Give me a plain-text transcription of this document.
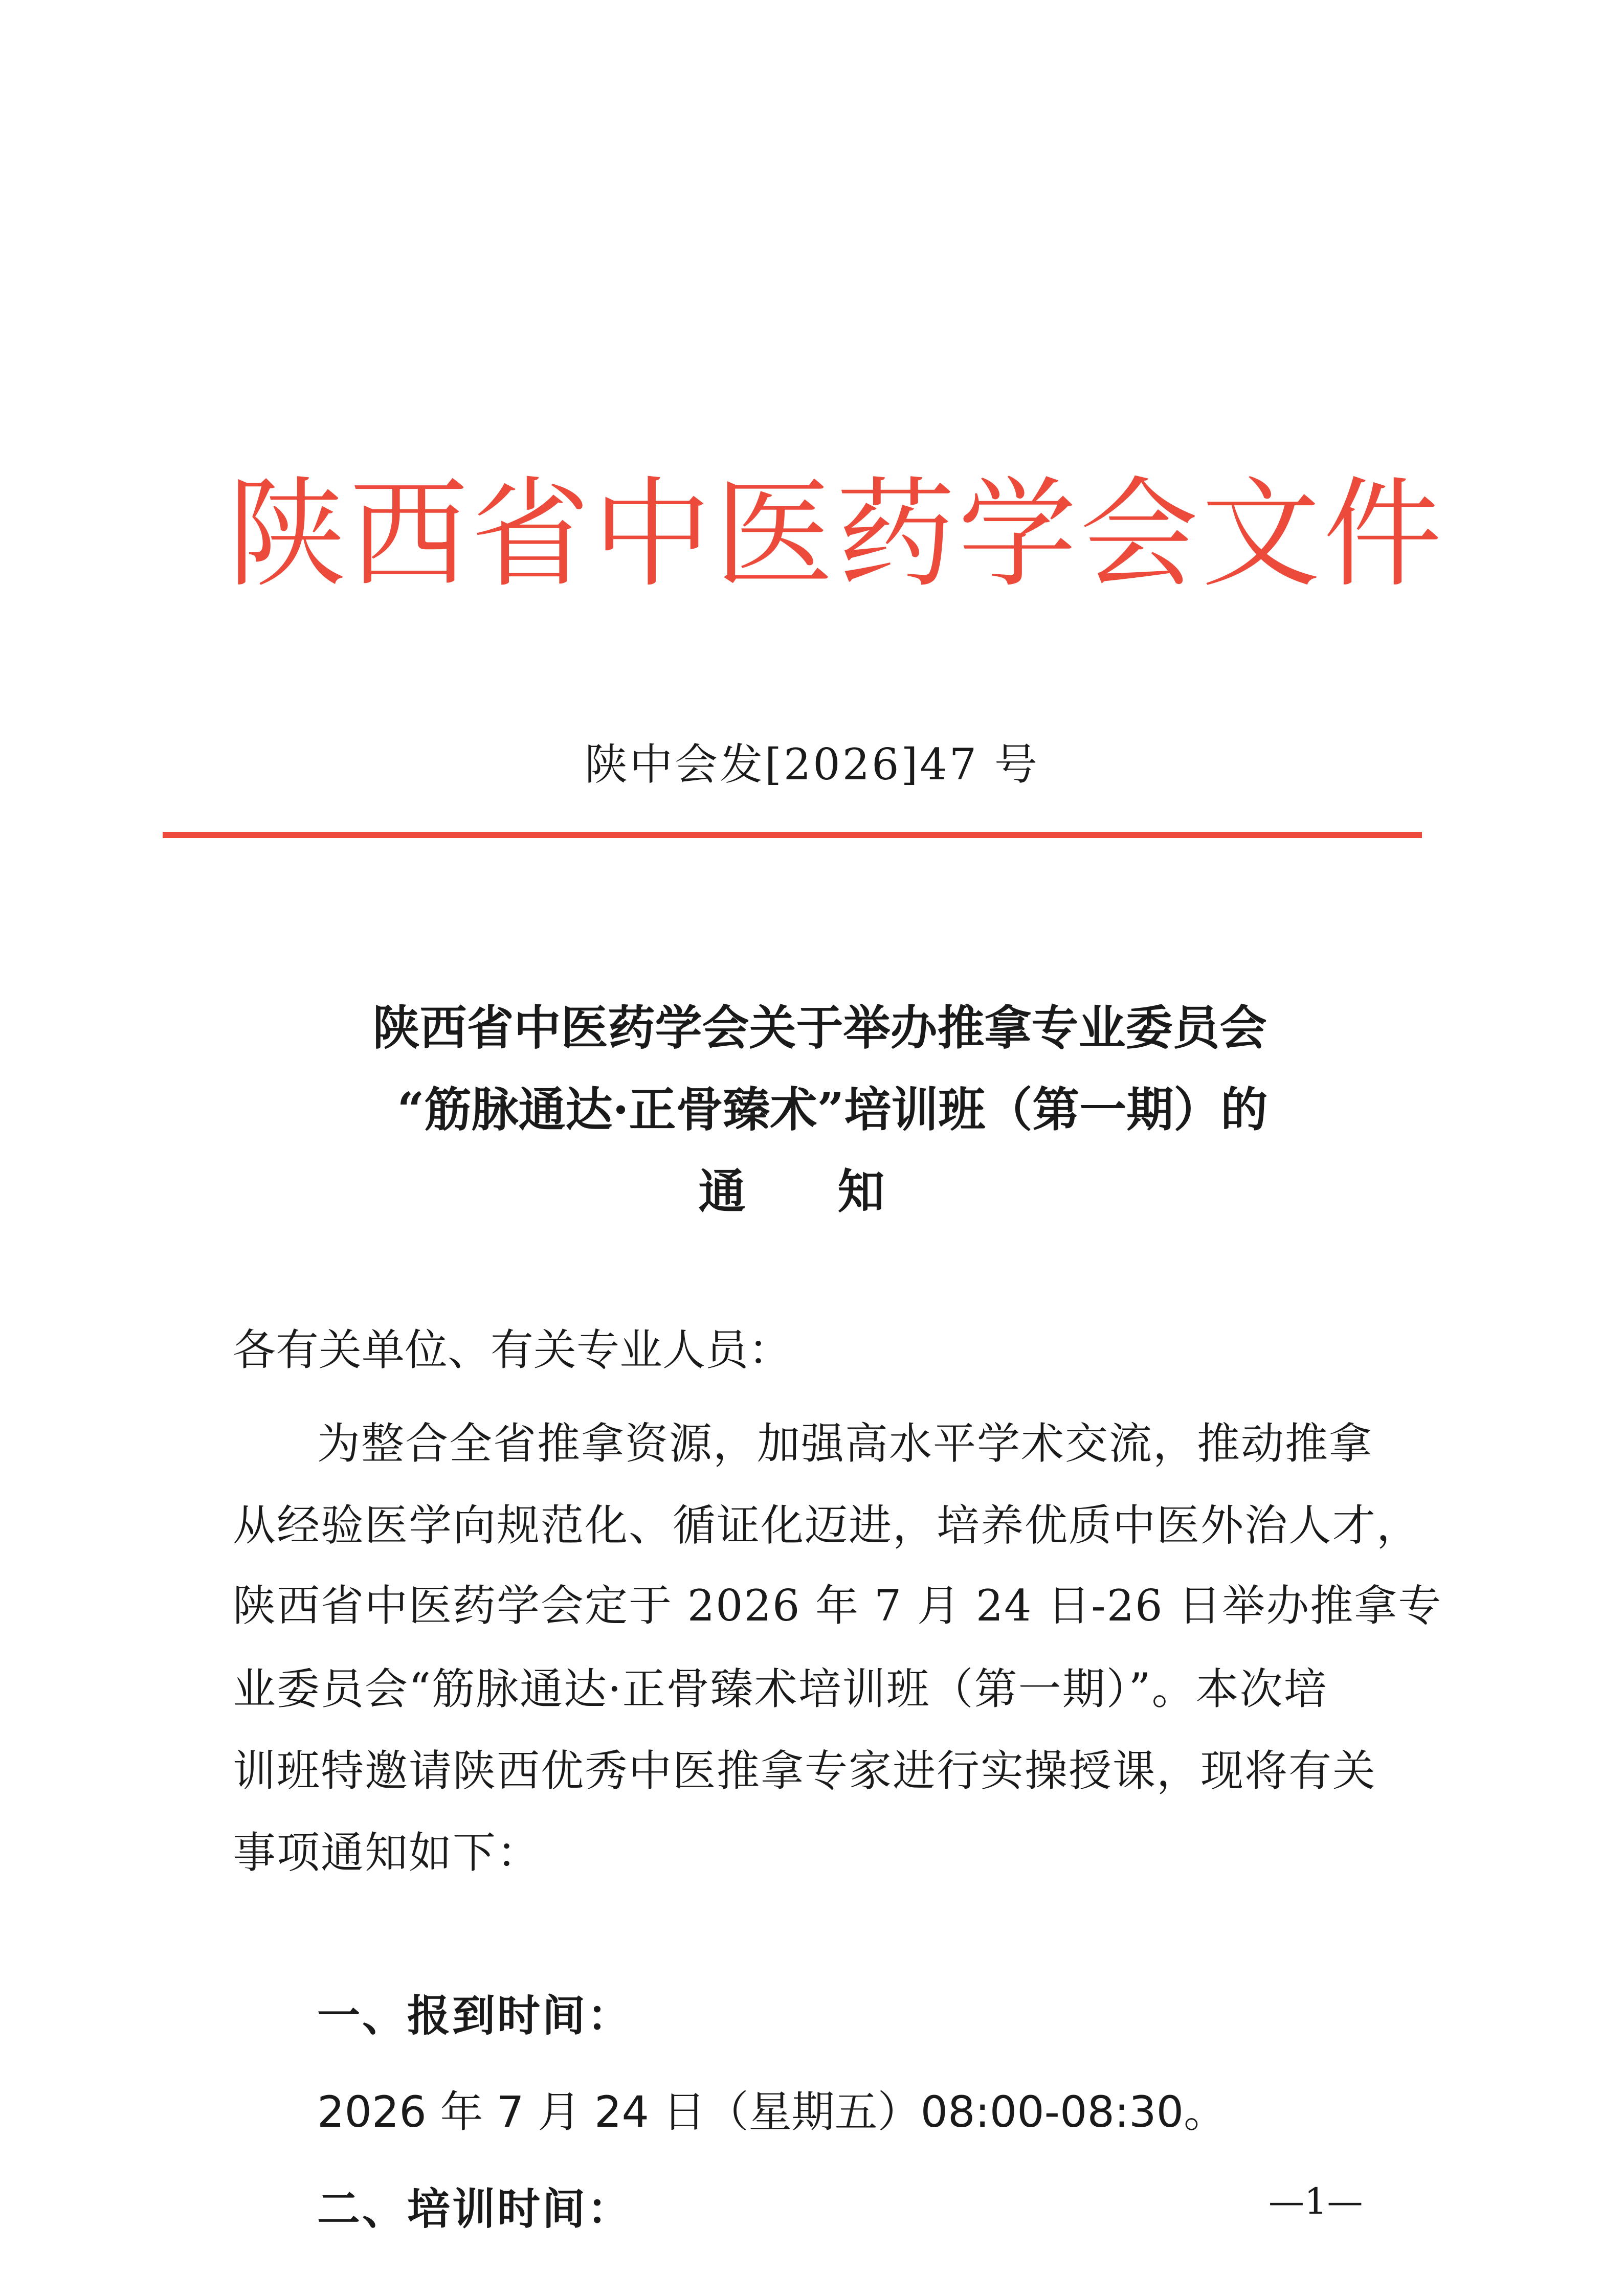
陕西省中医药学会文件
陕中会发[2026]47 号
陕西省中医药学会关于举办推拿专业委员会
“筋脉通达·正骨臻术”培训班（第一期）的
通知
各有关单位、有关专业人员：
为整合全省推拿资源，加强高水平学术交流，推动推拿
从经验医学向规范化、循证化迈进，培养优质中医外治人才，
陕西省中医药学会定于 2026 年 7 月 24 日-26 日举办推拿专
业委员会“筋脉通达·正骨臻术培训班（第一期）”。本次培
训班特邀请陕西优秀中医推拿专家进行实操授课，现将有关
事项通知如下：
一、报到时间：
2026 年 7 月 24 日（星期五）08:00-08:30。
二、培训时间：	—1—
